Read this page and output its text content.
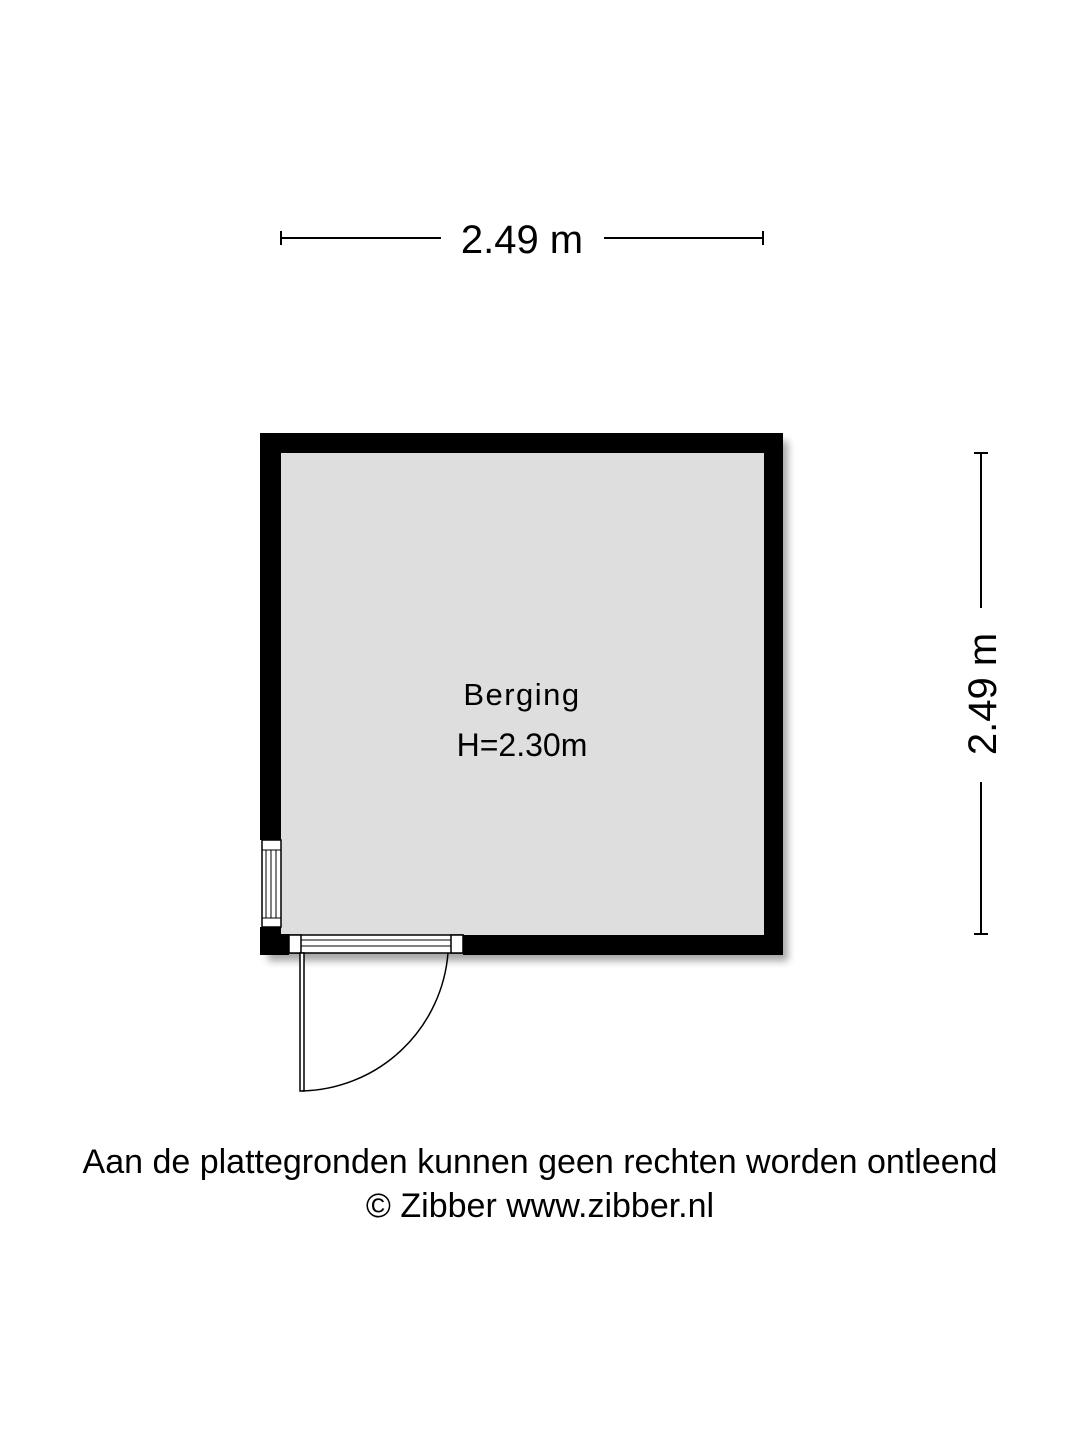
2.49 m
2.49 m
Berging
H=2.30m
Aan de plattegronden kunnen geen rechten worden ontleend
© Zibber www.zibber.nl
